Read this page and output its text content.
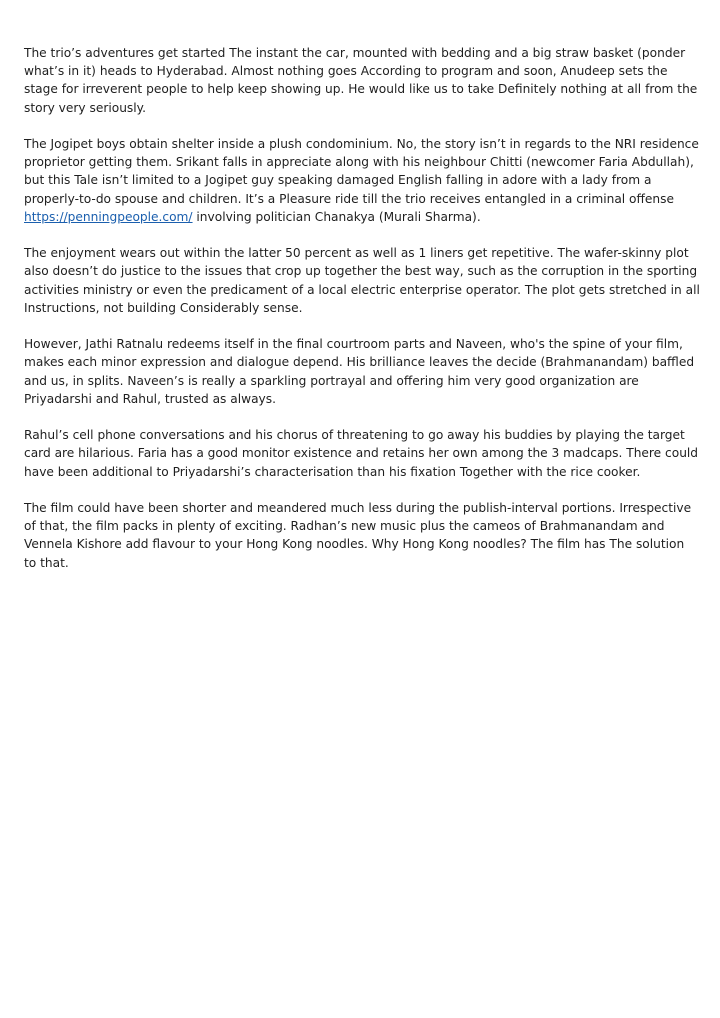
The trio’s adventures get started The instant the car, mounted with bedding and a big straw basket (ponder what’s in it) heads to Hyderabad. Almost nothing goes According to program and soon, Anudeep sets the stage for irreverent people to help keep showing up. He would like us to take Definitely nothing at all from the story very seriously.

The Jogipet boys obtain shelter inside a plush condominium. No, the story isn’t in regards to the NRI residence proprietor getting them. Srikant falls in appreciate along with his neighbour Chitti (newcomer Faria Abdullah), but this Tale isn’t limited to a Jogipet guy speaking damaged English falling in adore with a lady from a properly-to-do spouse and children. It’s a Pleasure ride till the trio receives entangled in a criminal offense https://penningpeople.com/ involving politician Chanakya (Murali Sharma).

The enjoyment wears out within the latter 50 percent as well as 1 liners get repetitive. The wafer-skinny plot also doesn’t do justice to the issues that crop up together the best way, such as the corruption in the sporting activities ministry or even the predicament of a local electric enterprise operator. The plot gets stretched in all Instructions, not building Considerably sense.

However, Jathi Ratnalu redeems itself in the final courtroom parts and Naveen, who's the spine of your film, makes each minor expression and dialogue depend. His brilliance leaves the decide (Brahmanandam) baffled and us, in splits. Naveen’s is really a sparkling portrayal and offering him very good organization are Priyadarshi and Rahul, trusted as always.

Rahul’s cell phone conversations and his chorus of threatening to go away his buddies by playing the target card are hilarious. Faria has a good monitor existence and retains her own among the 3 madcaps. There could have been additional to Priyadarshi’s characterisation than his fixation Together with the rice cooker.

The film could have been shorter and meandered much less during the publish-interval portions. Irrespective of that, the film packs in plenty of exciting. Radhan’s new music plus the cameos of Brahmanandam and Vennela Kishore add flavour to your Hong Kong noodles. Why Hong Kong noodles? The film has The solution to that.
